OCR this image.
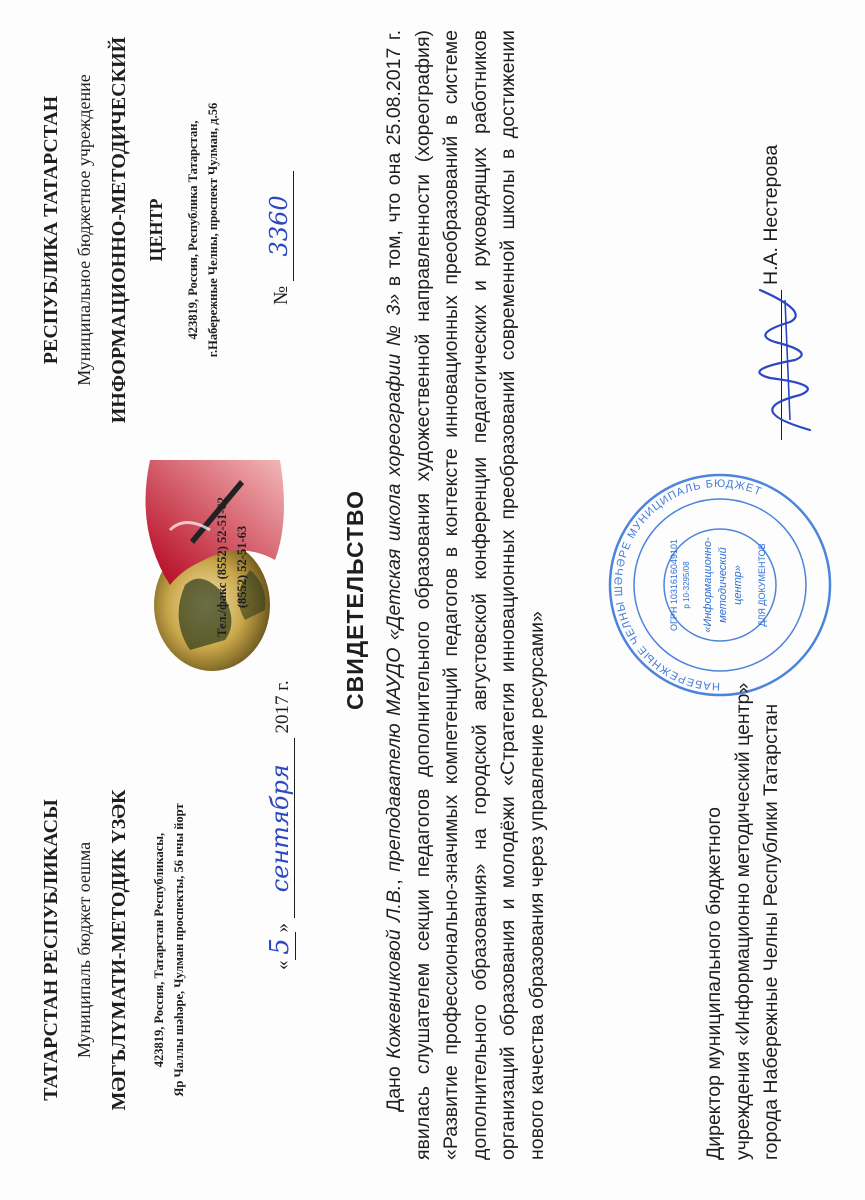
ТАТАРСТАН РЕСПУБЛИКАСЫ Муниципаль бюджет оешма МӘГЪЛҮМАТИ-МЕТОДИК ҮЗӘК 423819, Россия, Татарстан Республикасы, Яр Чаллы шәһәре, Чулман проспекты, 56 нчы йорт
Тел./факс (8552) 52-51-62 (8552) 52-51-63
РЕСПУБЛИКА ТАТАРСТАН Муниципальное бюджетное учреждение ИНФОРМАЦИОННО-МЕТОДИЧЕСКИЙ ЦЕНТР 423819, Россия, Республика Татарстан, г.Набережные Челны, проспект Чулман, д.56
«5» сентября 2017 г.
№ 3360
СВИДЕТЕЛЬСТВО
Дано Кожевниковой Л.В., преподавателю МАУДО «Детская школа хореографии № 3» в том, что она 25.08.2017 г. явилась слушателем секции педагогов дополнительного образования художественной направленности (хореография) «Развитие профессионально-значимых компетенций педагогов в контексте инновационных преобразований в системе дополнительного образования» на городской августовской конференции педагогических и руководящих работников организаций образования и молодёжи «Стратегия инновационных преобразований современной школы в достижении нового качества образования через управление ресурсами»	НАБЕРЕЖНЫЕ ЧЕЛНЫ ШӘҺӘРЕ МУНИЦИПАЛЬ БЮДЖЕТ
ОГРН 1031616049101 р 10-3295/08 «Информационно- методический центр» ДЛЯ ДОКУМЕНТОВ
Директор муниципального бюджетного учреждения «Информационно методический центр» города Набережные Челны Республики Татарстан
Н.А. Нестерова
